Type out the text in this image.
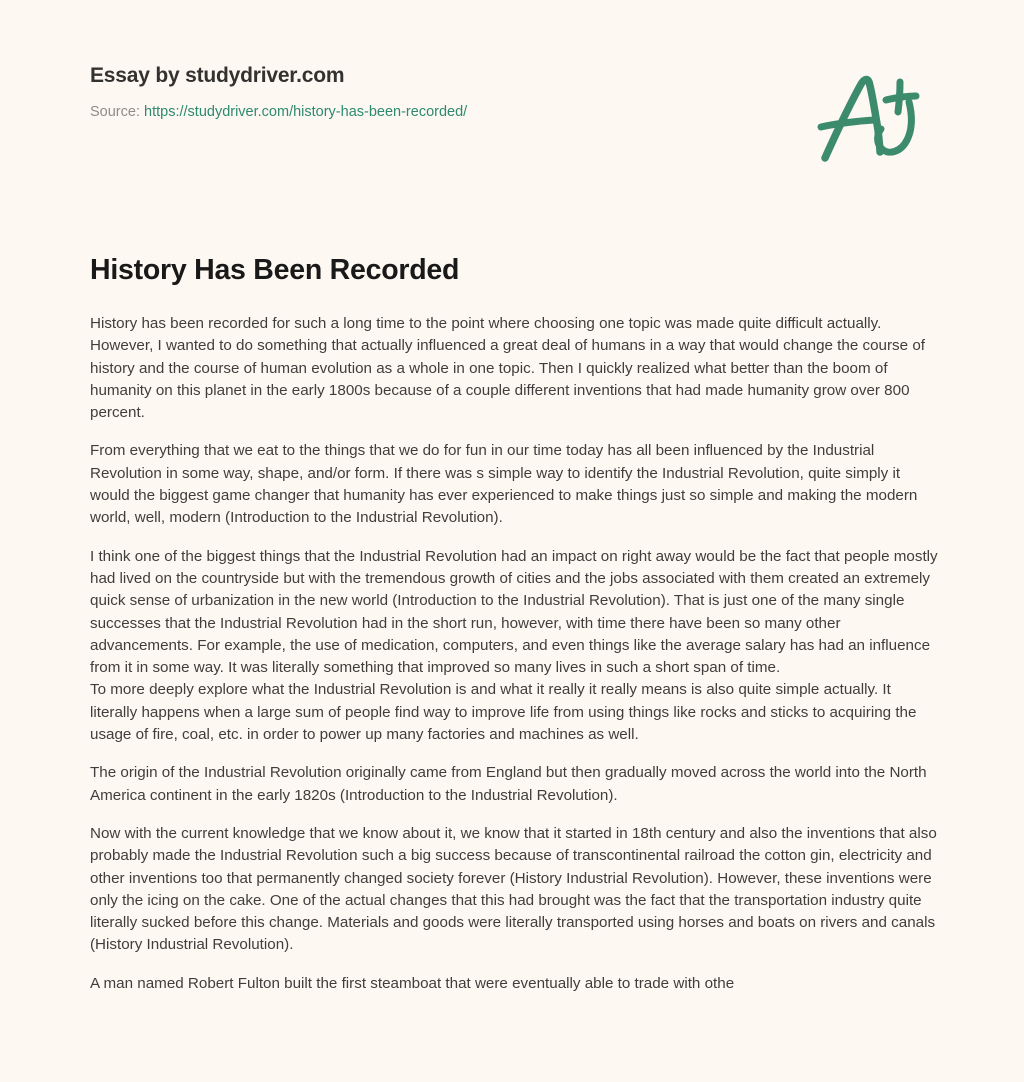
Essay by studydriver.com
Source: https://studydriver.com/history-has-been-recorded/
History Has Been Recorded

History has been recorded for such a long time to the point where choosing one topic was made quite difficult actually. However, I wanted to do something that actually influenced a great deal of humans in a way that would change the course of history and the course of human evolution as a whole in one topic. Then I quickly realized what better than the boom of humanity on this planet in the early 1800s because of a couple different inventions that had made humanity grow over 800 percent.

From everything that we eat to the things that we do for fun in our time today has all been influenced by the Industrial Revolution in some way, shape, and/or form. If there was s simple way to identify the Industrial Revolution, quite simply it would the biggest game changer that humanity has ever experienced to make things just so simple and making the modern world, well, modern (Introduction to the Industrial Revolution).

I think one of the biggest things that the Industrial Revolution had an impact on right away would be the fact that people mostly had lived on the countryside but with the tremendous growth of cities and the jobs associated with them created an extremely quick sense of urbanization in the new world (Introduction to the Industrial Revolution). That is just one of the many single successes that the Industrial Revolution had in the short run, however, with time there have been so many other advancements. For example, the use of medication, computers, and even things like the average salary has had an influence from it in some way. It was literally something that improved so many lives in such a short span of time.
To more deeply explore what the Industrial Revolution is and what it really it really means is also quite simple actually. It literally happens when a large sum of people find way to improve life from using things like rocks and sticks to acquiring the usage of fire, coal, etc. in order to power up many factories and machines as well.

The origin of the Industrial Revolution originally came from England but then gradually moved across the world into the North America continent in the early 1820s (Introduction to the Industrial Revolution).

Now with the current knowledge that we know about it, we know that it started in 18th century and also the inventions that also probably made the Industrial Revolution such a big success because of transcontinental railroad the cotton gin, electricity and other inventions too that permanently changed society forever (History Industrial Revolution). However, these inventions were only the icing on the cake. One of the actual changes that this had brought was the fact that the transportation industry quite literally sucked before this change. Materials and goods were literally transported using horses and boats on rivers and canals (History Industrial Revolution).

A man named Robert Fulton built the first steamboat that were eventually able to trade with othe
